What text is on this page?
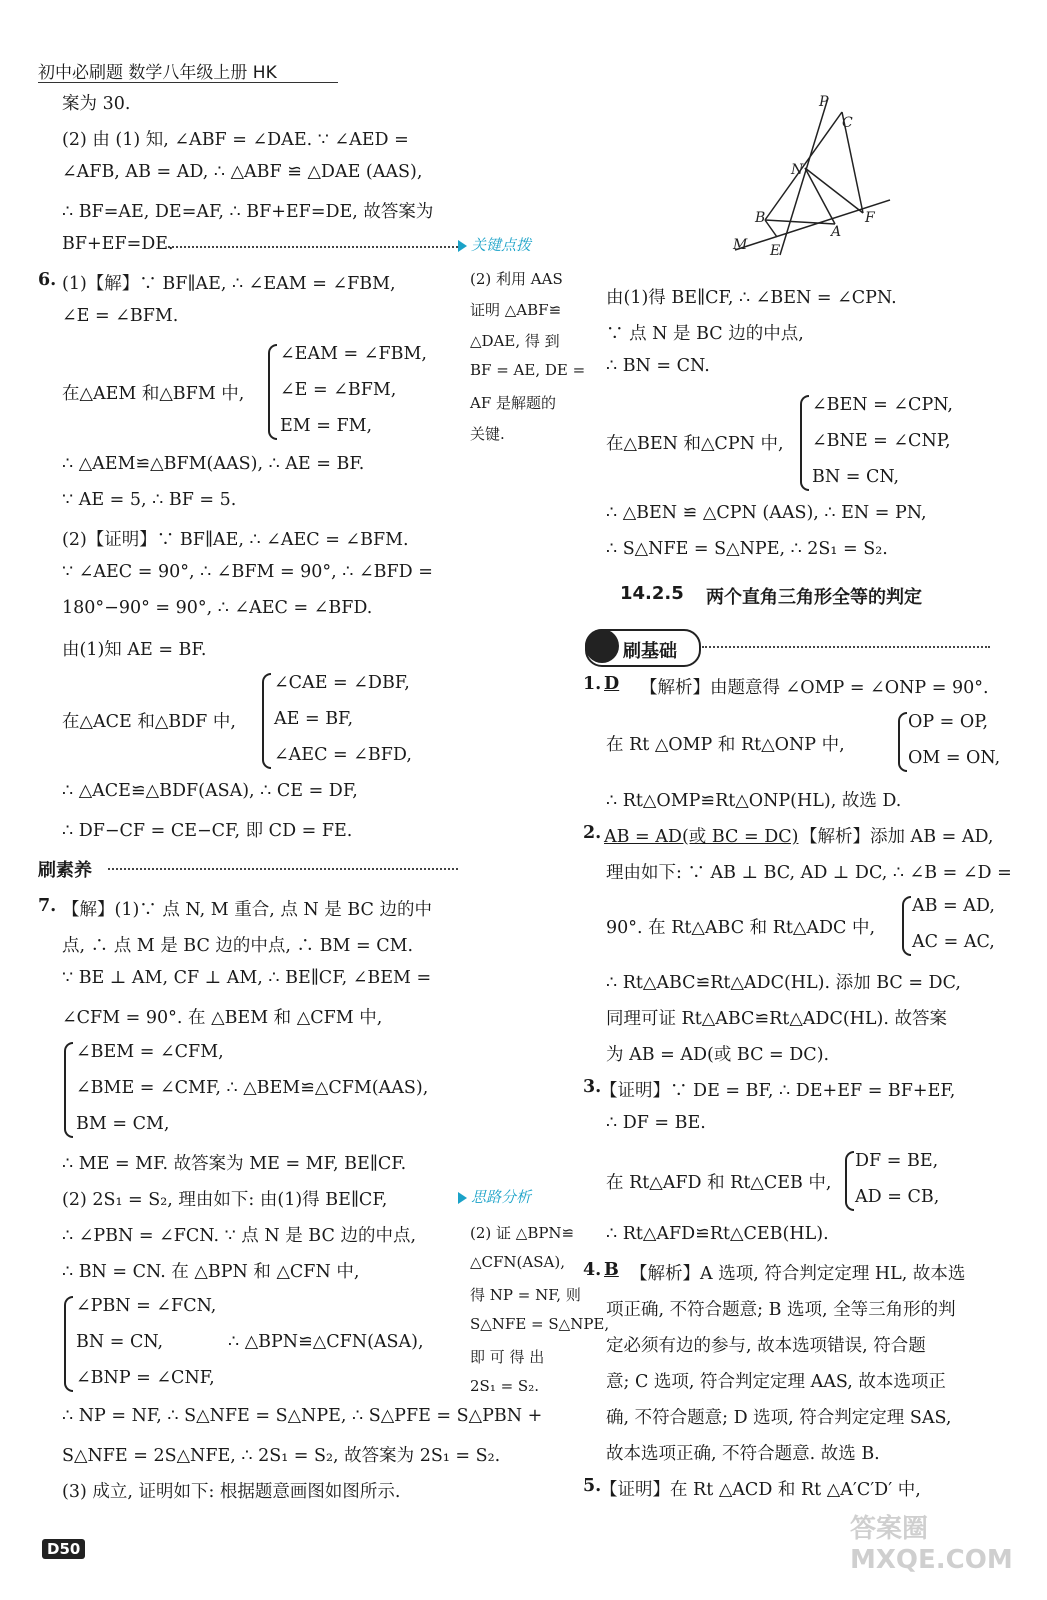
初中必刷题 数学八年级上册 HK
案为 30.
(2) 由 (1) 知, ∠ABF = ∠DAE. ∵ ∠AED =
∠AFB, AB = AD, ∴ △ABF ≌ △DAE (AAS),
∴ BF=AE, DE=AF, ∴ BF+EF=DE, 故答案为
BF+EF=DE.	关键点拨
6. (1)【解】∵ BF∥AE, ∴ ∠EAM = ∠FBM,
∠E = ∠BFM.
在△AEM 和△BFM 中,
∠EAM = ∠FBM,
∠E = ∠BFM,
EM = FM,
(2) 利用 AAS
证明 △ABF≌
△DAE, 得 到
BF = AE, DE =
AF 是解题的
关键.
∴ △AEM≌△BFM(AAS), ∴ AE = BF.
∵ AE = 5, ∴ BF = 5.
(2)【证明】∵ BF∥AE, ∴ ∠AEC = ∠BFM.
∵ ∠AEC = 90°, ∴ ∠BFM = 90°, ∴ ∠BFD =
180°−90° = 90°, ∴ ∠AEC = ∠BFD.
由(1)知 AE = BF.
在△ACE 和△BDF 中,
∠CAE = ∠DBF,
AE = BF,
∠AEC = ∠BFD,
∴ △ACE≌△BDF(ASA), ∴ CE = DF,
∴ DF−CF = CE−CF, 即 CD = FE.
刷素养
7. 【解】(1)∵ 点 N, M 重合, 点 N 是 BC 边的中
点, ∴ 点 M 是 BC 边的中点, ∴ BM = CM.
∵ BE ⊥ AM, CF ⊥ AM, ∴ BE∥CF, ∠BEM =
∠CFM = 90°. 在 △BEM 和 △CFM 中,
∠BEM = ∠CFM,
∠BME = ∠CMF, ∴ △BEM≌△CFM(AAS),
BM = CM,
∴ ME = MF. 故答案为 ME = MF, BE∥CF.
(2) 2S₁ = S₂, 理由如下: 由(1)得 BE∥CF,	思路分析
∴ ∠PBN = ∠FCN. ∵ 点 N 是 BC 边的中点,
∴ BN = CN. 在 △BPN 和 △CFN 中,
∠PBN = ∠FCN,
BN = CN,	∴ △BPN≌△CFN(ASA),
∠BNP = ∠CNF,
(2) 证 △BPN≌
△CFN(ASA),
得 NP = NF, 则
S△NFE = S△NPE,
即 可 得 出
2S₁ = S₂.
∴ NP = NF, ∴ S△NFE = S△NPE, ∴ S△PFE = S△PBN +
S△NFE = 2S△NFE, ∴ 2S₁ = S₂, 故答案为 2S₁ = S₂.
(3) 成立, 证明如下: 根据题意画图如图所示.
P
C
N
B
M E
A
F
由(1)得 BE∥CF, ∴ ∠BEN = ∠CPN.
∵ 点 N 是 BC 边的中点,
∴ BN = CN.
在△BEN 和△CPN 中,
∠BEN = ∠CPN,
∠BNE = ∠CNP,
BN = CN,
∴ △BEN ≌ △CPN (AAS), ∴ EN = PN,
∴ S△NFE = S△NPE, ∴ 2S₁ = S₂.
14.2.5 两个直角三角形全等的判定
刷基础
1. D 【解析】由题意得 ∠OMP = ∠ONP = 90°.
在 Rt △OMP 和 Rt△ONP 中,
OP = OP,
OM = ON,
∴ Rt△OMP≌Rt△ONP(HL), 故选 D.
2. AB = AD(或 BC = DC) 【解析】添加 AB = AD,
理由如下: ∵ AB ⊥ BC, AD ⊥ DC, ∴ ∠B = ∠D =
90°. 在 Rt△ABC 和 Rt△ADC 中,
AB = AD,
AC = AC,
∴ Rt△ABC≌Rt△ADC(HL). 添加 BC = DC,
同理可证 Rt△ABC≌Rt△ADC(HL). 故答案
为 AB = AD(或 BC = DC).
3.
【证明】∵ DE = BF, ∴ DE+EF = BF+EF,
∴ DF = BE.
在 Rt△AFD 和 Rt△CEB 中,
DF = BE,
AD = CB,
∴ Rt△AFD≌Rt△CEB(HL).
4. B 【解析】A 选项, 符合判定定理 HL, 故本选
项正确, 不符合题意; B 选项, 全等三角形的判
定必须有边的参与, 故本选项错误, 符合题
意; C 选项, 符合判定定理 AAS, 故本选项正
确, 不符合题意; D 选项, 符合判定定理 SAS,
故本选项正确, 不符合题意. 故选 B.
5.
【证明】在 Rt △ACD 和 Rt △A′C′D′ 中,
D50
答案圈 MXQE.COM
